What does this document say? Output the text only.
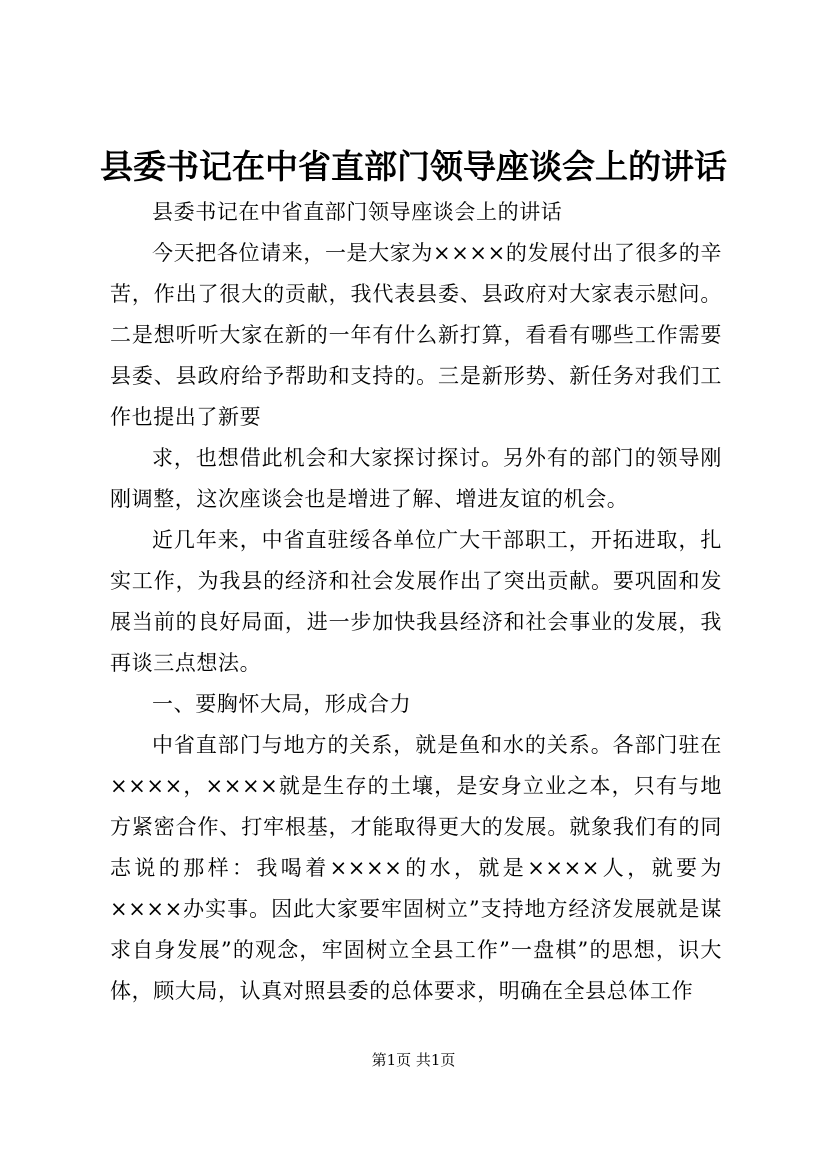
县委书记在中省直部门领导座谈会上的讲话

县委书记在中省直部门领导座谈会上的讲话

今天把各位请来，一是大家为××××的发展付出了很多的辛苦，作出了很大的贡献，我代表县委、县政府对大家表示慰问。二是想听听大家在新的一年有什么新打算，看看有哪些工作需要县委、县政府给予帮助和支持的。三是新形势、新任务对我们工作也提出了新要

求，也想借此机会和大家探讨探讨。另外有的部门的领导刚刚调整，这次座谈会也是增进了解、增进友谊的机会。

近几年来，中省直驻绥各单位广大干部职工，开拓进取，扎实工作，为我县的经济和社会发展作出了突出贡献。要巩固和发展当前的良好局面，进一步加快我县经济和社会事业的发展，我再谈三点想法。

一、要胸怀大局，形成合力

中省直部门与地方的关系，就是鱼和水的关系。各部门驻在××××，××××就是生存的土壤，是安身立业之本，只有与地方紧密合作、打牢根基，才能取得更大的发展。就象我们有的同志说的那样：我喝着××××的水，就是××××人，就要为××××办实事。因此大家要牢固树立”支持地方经济发展就是谋求自身发展”的观念，牢固树立全县工作”一盘棋”的思想，识大体，顾大局，认真对照县委的总体要求，明确在全县总体工作

第1页 共1页
